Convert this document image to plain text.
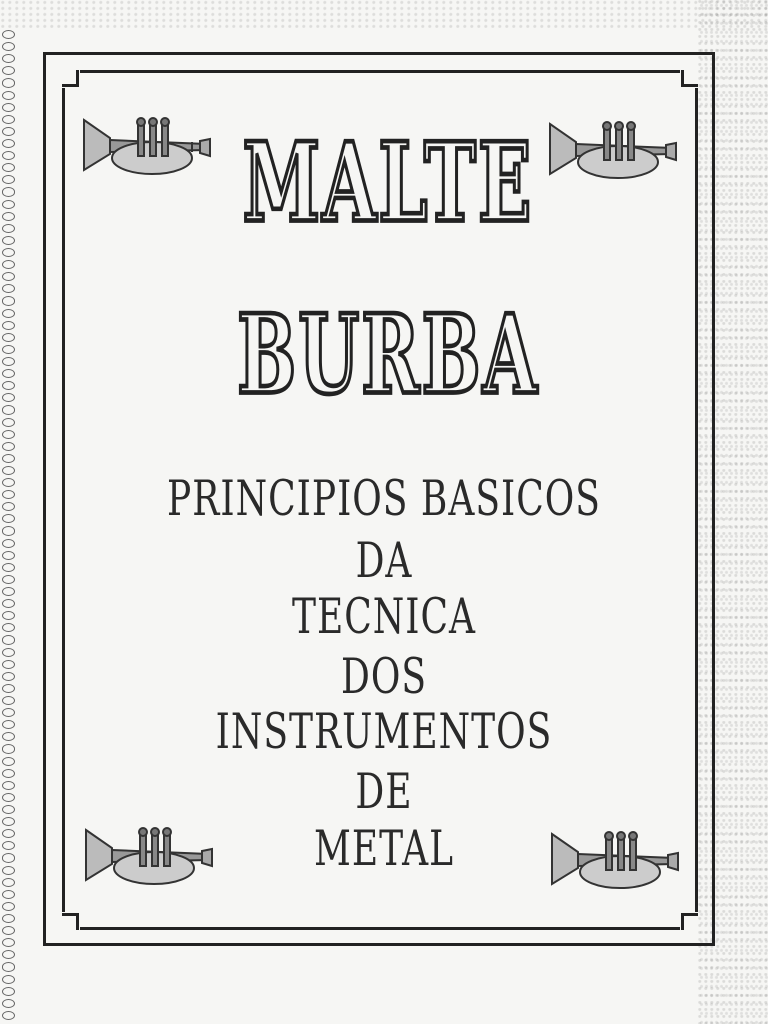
MALTE
BURBA
PRINCIPIOS BASICOS
DA
TECNICA
DOS
INSTRUMENTOS
DE
METAL
